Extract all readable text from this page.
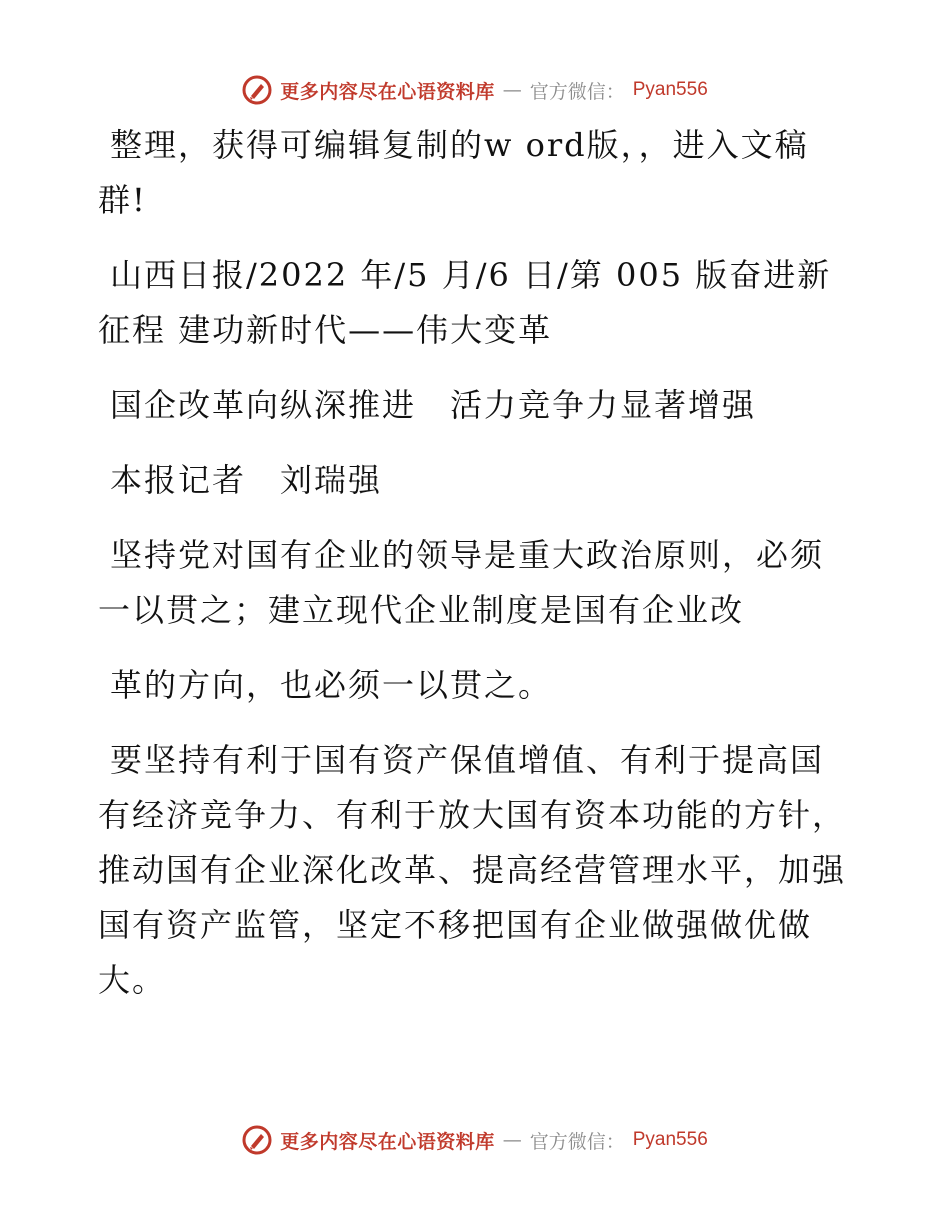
更多内容尽在心语资料库 — 官方微信： Pyan556

整理，获得可编辑复制的w ord版，，进入文稿群!

山西日报/2022 年/5 月/6 日/第 005 版奋进新征程 建功新时代——伟大变革

国企改革向纵深推进　活力竞争力显著增强

本报记者　刘瑞强

坚持党对国有企业的领导是重大政治原则，必须一以贯之；建立现代企业制度是国有企业改

革的方向，也必须一以贯之。

要坚持有利于国有资产保值增值、有利于提高国有经济竞争力、有利于放大国有资本功能的方针，推动国有企业深化改革、提高经营管理水平，加强国有资产监管，坚定不移把国有企业做强做优做大。

更多内容尽在心语资料库 — 官方微信： Pyan556
